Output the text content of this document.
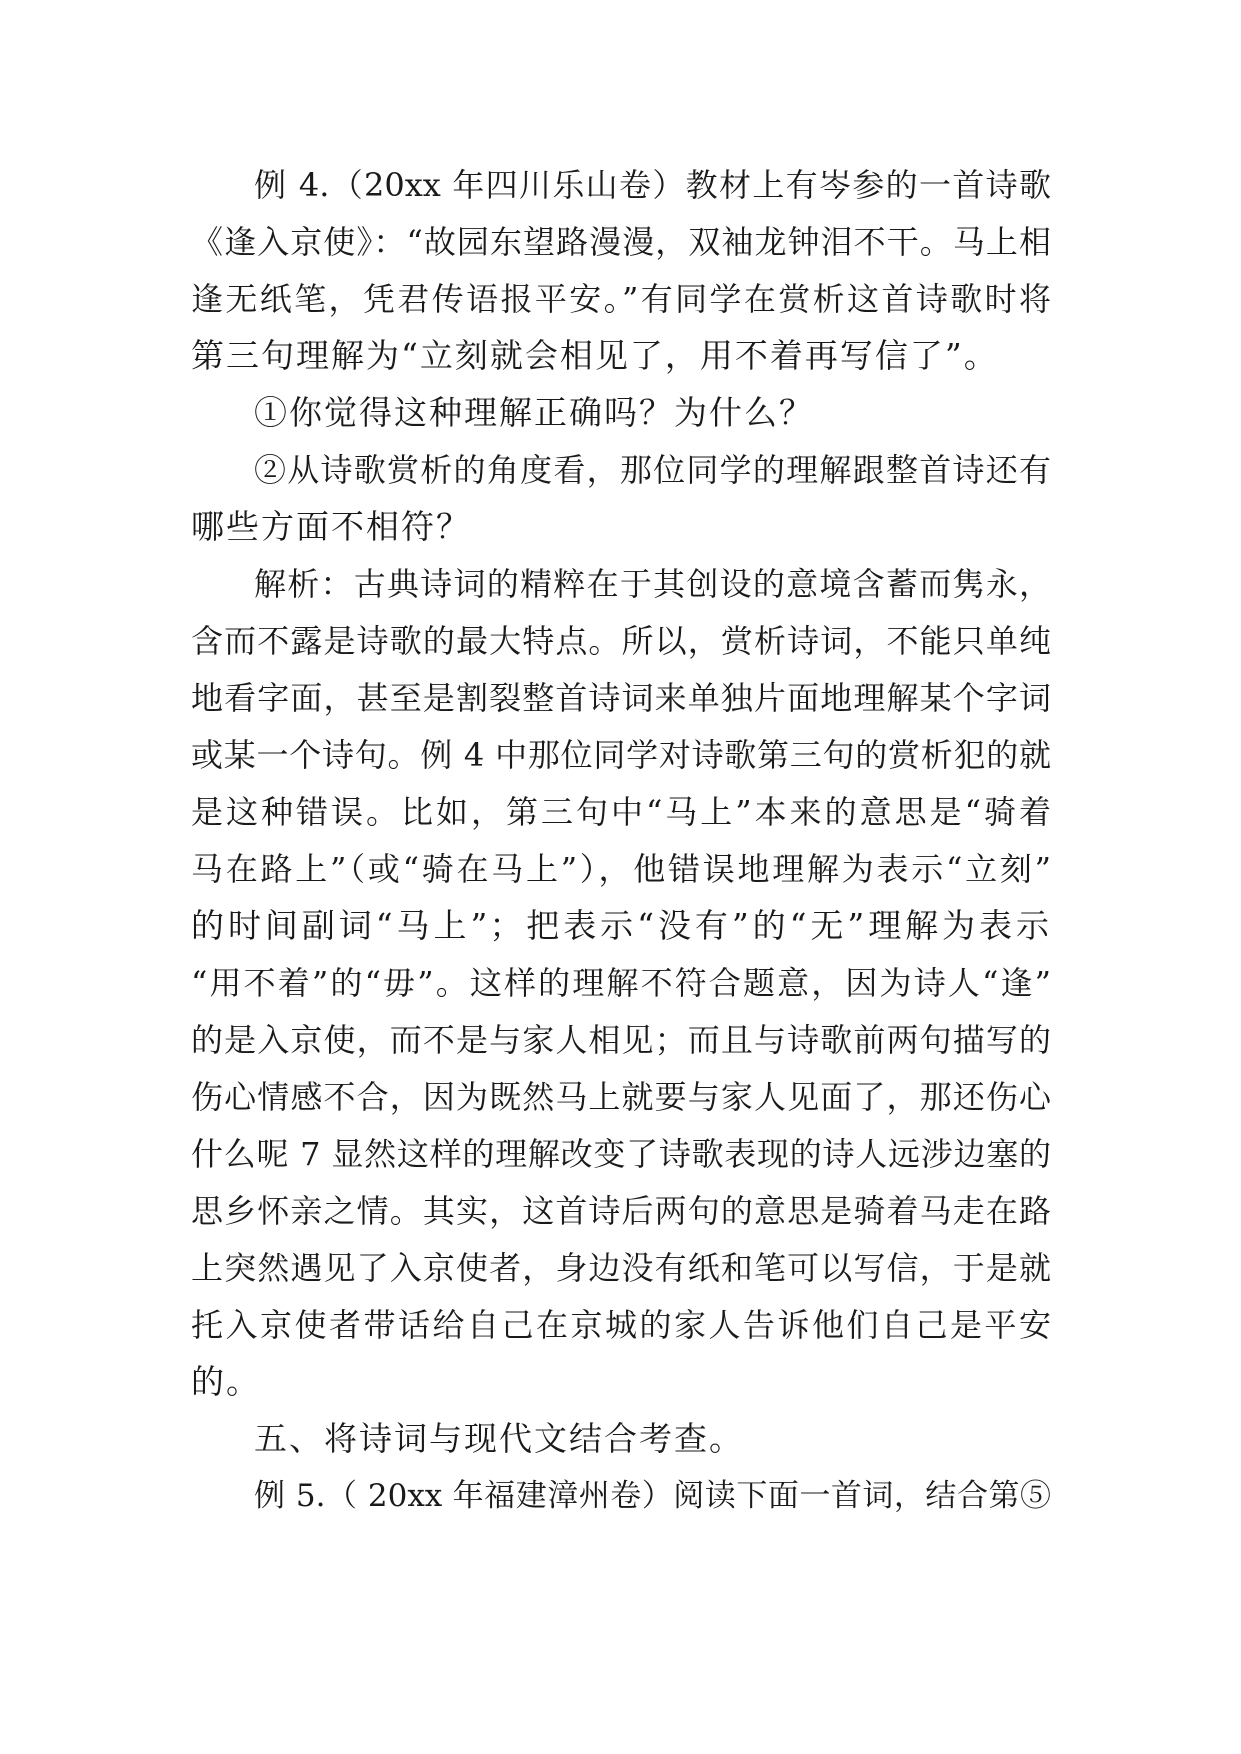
例 4.（20xx 年四川乐山卷）教材上有岑参的一首诗歌
《逢入京使》：“故园东望路漫漫，双袖龙钟泪不干。马上相
逢无纸笔，凭君传语报平安。”有同学在赏析这首诗歌时将
第三句理解为“立刻就会相见了，用不着再写信了”。
①你觉得这种理解正确吗？为什么？
②从诗歌赏析的角度看，那位同学的理解跟整首诗还有
哪些方面不相符？
解析：古典诗词的精粹在于其创设的意境含蓄而隽永，
含而不露是诗歌的最大特点。所以，赏析诗词，不能只单纯
地看字面，甚至是割裂整首诗词来单独片面地理解某个字词
或某一个诗句。例 4 中那位同学对诗歌第三句的赏析犯的就
是这种错误。比如，第三句中“马上”本来的意思是“骑着
马在路上”（或“骑在马上”），他错误地理解为表示“立刻”
的时间副词“马上”；把表示“没有”的“无”理解为表示
“用不着”的“毋”。这样的理解不符合题意，因为诗人“逢”
的是入京使，而不是与家人相见；而且与诗歌前两句描写的
伤心情感不合，因为既然马上就要与家人见面了，那还伤心
什么呢 7 显然这样的理解改变了诗歌表现的诗人远涉边塞的
思乡怀亲之情。其实，这首诗后两句的意思是骑着马走在路
上突然遇见了入京使者，身边没有纸和笔可以写信，于是就
托入京使者带话给自己在京城的家人告诉他们自己是平安
的。
五、将诗词与现代文结合考查。
例 5.（ 20xx 年福建漳州卷）阅读下面一首词，结合第⑤
